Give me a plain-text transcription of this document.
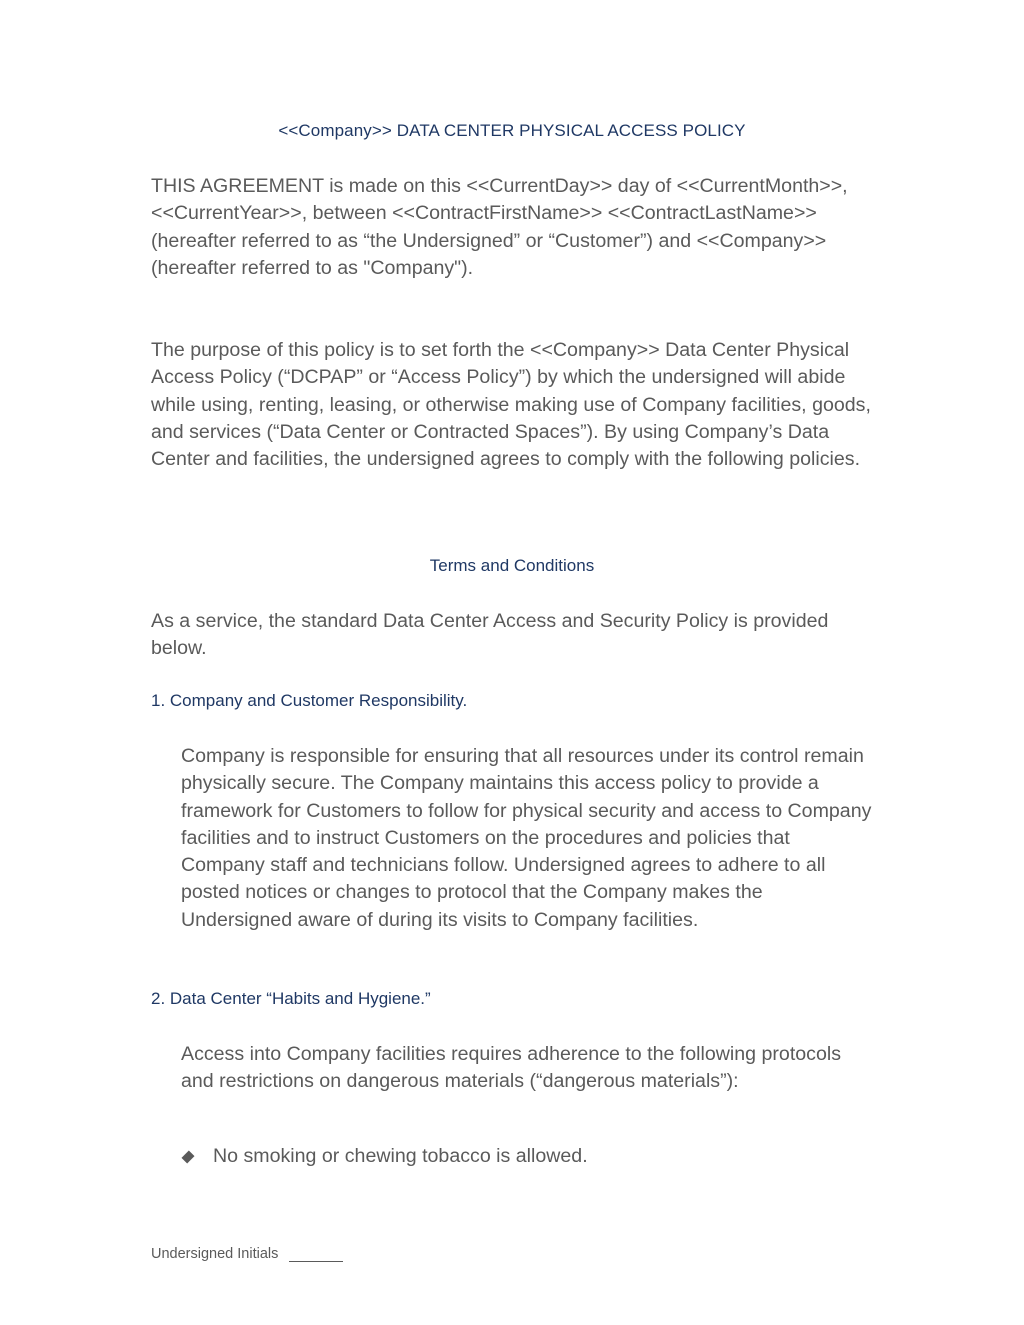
<<Company>> DATA CENTER PHYSICAL ACCESS POLICY
THIS AGREEMENT is made on this <<CurrentDay>> day of <<CurrentMonth>>, <<CurrentYear>>, between <<ContractFirstName>> <<ContractLastName>> (hereafter referred to as “the Undersigned” or “Customer”) and <<Company>> (hereafter referred to as "Company").
The purpose of this policy is to set forth the <<Company>> Data Center Physical Access Policy (“DCPAP” or “Access Policy”) by which the undersigned will abide while using, renting, leasing, or otherwise making use of Company facilities, goods, and services (“Data Center or Contracted Spaces”). By using Company’s Data Center and facilities, the undersigned agrees to comply with the following policies.
Terms and Conditions
As a service, the standard Data Center Access and Security Policy is provided below.
1. Company and Customer Responsibility.
Company is responsible for ensuring that all resources under its control remain physically secure. The Company maintains this access policy to provide a framework for Customers to follow for physical security and access to Company facilities and to instruct Customers on the procedures and policies that Company staff and technicians follow. Undersigned agrees to adhere to all posted notices or changes to protocol that the Company makes the Undersigned aware of during its visits to Company facilities.
2. Data Center “Habits and Hygiene.”
Access into Company facilities requires adherence to the following protocols and restrictions on dangerous materials (“dangerous materials”):
No smoking or chewing tobacco is allowed.
Undersigned Initials
